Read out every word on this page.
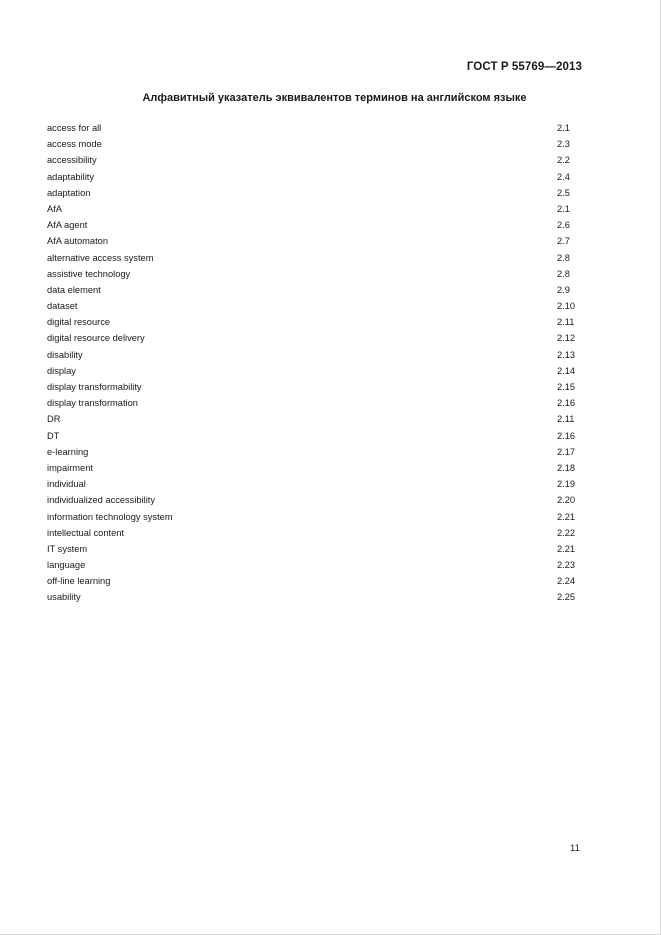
ГОСТ Р 55769—2013
Алфавитный указатель эквивалентов терминов на английском языке
access for all	2.1
access mode	2.3
accessibility	2.2
adaptability	2.4
adaptation	2.5
AfA	2.1
AfA agent	2.6
AfA automaton	2.7
alternative access system	2.8
assistive technology	2.8
data element	2.9
dataset	2.10
digital resource	2.11
digital resource delivery	2.12
disability	2.13
display	2.14
display transformability	2.15
display transformation	2.16
DR	2.11
DT	2.16
e-learning	2.17
impairment	2.18
individual	2.19
individualized accessibility	2.20
information technology system	2.21
intellectual content	2.22
IT system	2.21
language	2.23
off-line learning	2.24
usability	2.25
11
